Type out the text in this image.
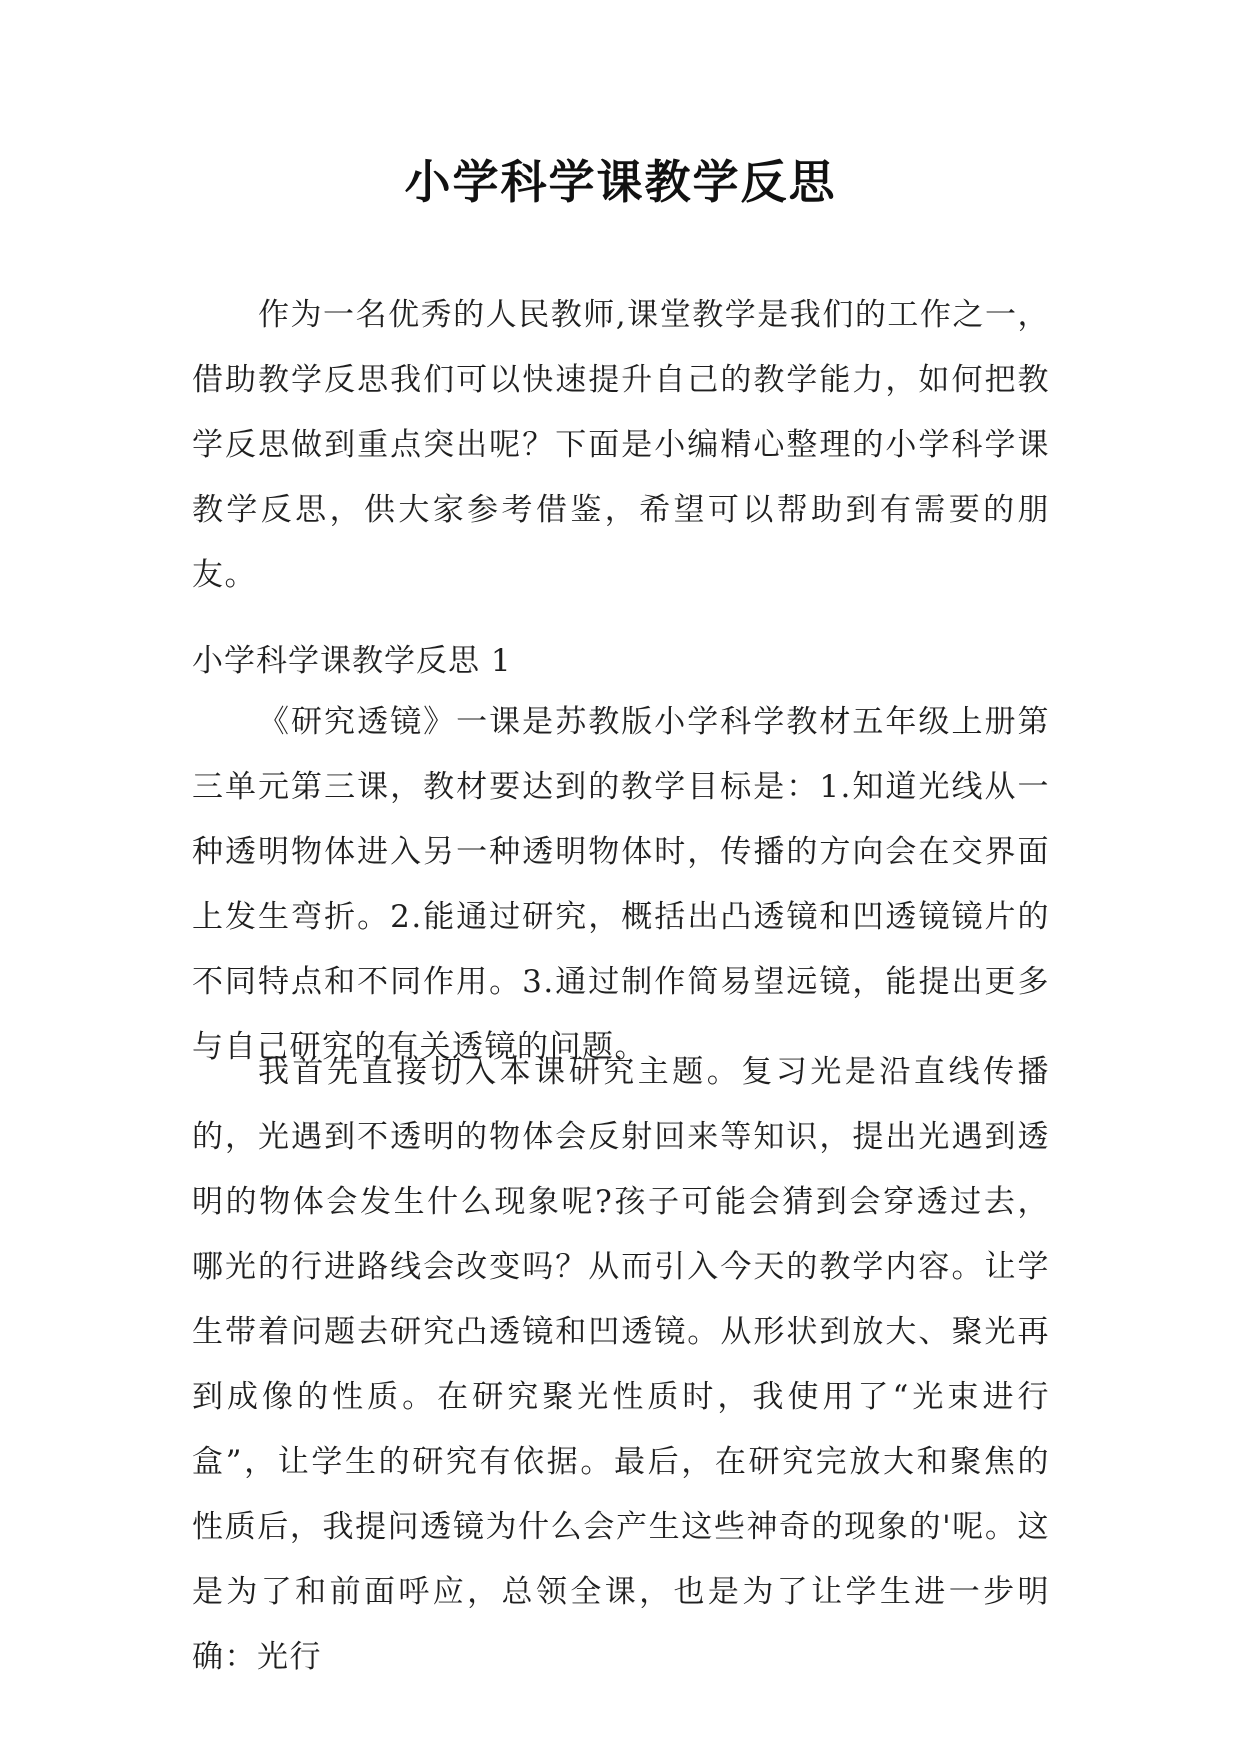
小学科学课教学反思

作为一名优秀的人民教师,课堂教学是我们的工作之一，借助教学反思我们可以快速提升自己的教学能力，如何把教学反思做到重点突出呢？下面是小编精心整理的小学科学课教学反思，供大家参考借鉴，希望可以帮助到有需要的朋友。

小学科学课教学反思 1

《研究透镜》一课是苏教版小学科学教材五年级上册第三单元第三课，教材要达到的教学目标是：1.知道光线从一种透明物体进入另一种透明物体时，传播的方向会在交界面上发生弯折。2.能通过研究，概括出凸透镜和凹透镜镜片的不同特点和不同作用。3.通过制作简易望远镜，能提出更多与自己研究的有关透镜的问题。

我首先直接切入本课研究主题。复习光是沿直线传播的，光遇到不透明的物体会反射回来等知识，提出光遇到透明的物体会发生什么现象呢?孩子可能会猜到会穿透过去，哪光的行进路线会改变吗？从而引入今天的教学内容。让学生带着问题去研究凸透镜和凹透镜。从形状到放大、聚光再到成像的性质。在研究聚光性质时，我使用了“光束进行盒”，让学生的研究有依据。最后，在研究完放大和聚焦的性质后，我提问透镜为什么会产生这些神奇的现象的'呢。这是为了和前面呼应，总领全课，也是为了让学生进一步明确：光行
